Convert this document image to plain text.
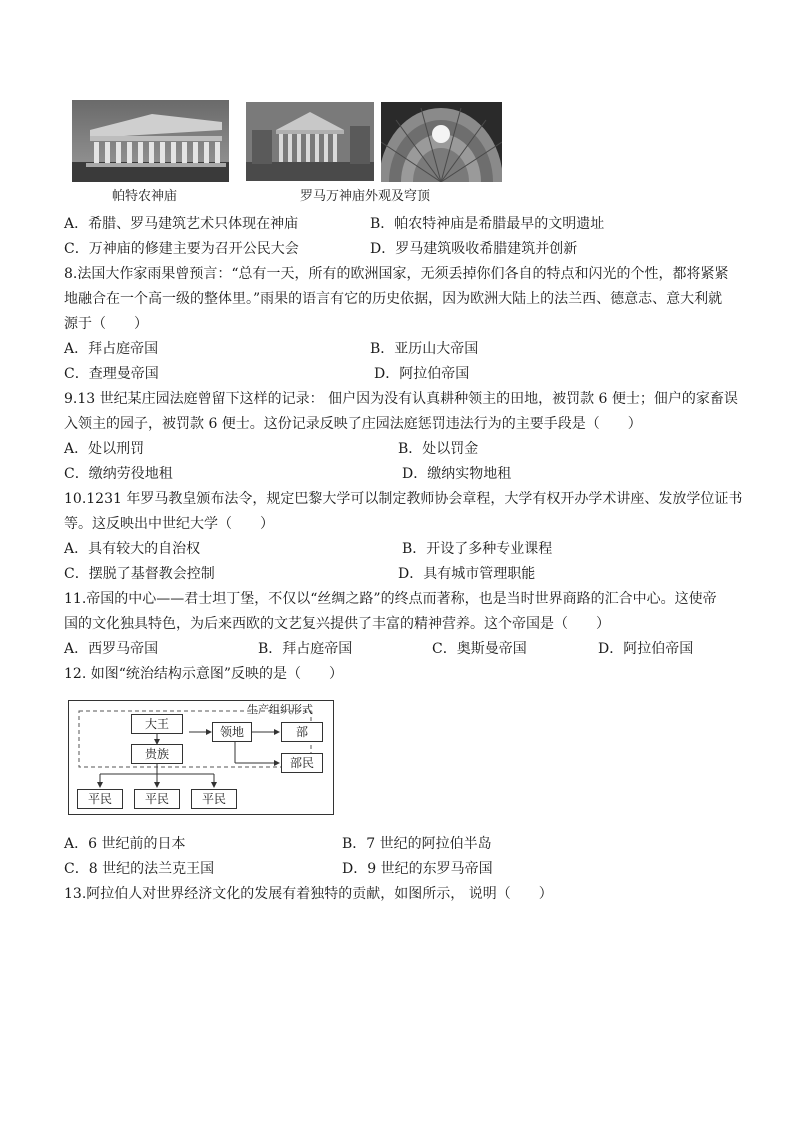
帕特农神庙	罗马万神庙外观及穹顶
A．希腊、罗马建筑艺术只体现在神庙	B．帕农特神庙是希腊最早的文明遗址
C．万神庙的修建主要为召开公民大会	D．罗马建筑吸收希腊建筑并创新
8.法国大作家雨果曾预言：“总有一天，所有的欧洲国家，无须丢掉你们各自的特点和闪光的个性，都将紧紧
地融合在一个高一级的整体里。”雨果的语言有它的历史依据，因为欧洲大陆上的法兰西、德意志、意大利就
源于（　　）
A．拜占庭帝国	B．亚历山大帝国
C．查理曼帝国	D．阿拉伯帝国
9.13 世纪某庄园法庭曾留下这样的记录： 佃户因为没有认真耕种领主的田地，被罚款 6 便士；佃户的家畜误
入领主的园子，被罚款 6 便士。这份记录反映了庄园法庭惩罚违法行为的主要手段是（　　）
A．处以刑罚	B．处以罚金
C．缴纳劳役地租	D．缴纳实物地租
10.1231 年罗马教皇颁布法令，规定巴黎大学可以制定教师协会章程，大学有权开办学术讲座、发放学位证书
等。这反映出中世纪大学（　　）
A．具有较大的自治权	B．开设了多种专业课程
C．摆脱了基督教会控制	D．具有城市管理职能
11.帝国的中心——君士坦丁堡，不仅以“丝绸之路”的终点而著称，也是当时世界商路的汇合中心。这使帝
国的文化独具特色，为后来西欧的文艺复兴提供了丰富的精神营养。这个帝国是（　　）
A．西罗马帝国	B．拜占庭帝国	C．奥斯曼帝国	D．阿拉伯帝国
12. 如图“统治结构示意图”反映的是（　　）
生产组织形式
大王
贵族
领地	部
部民
平民	平民	平民
A．6 世纪前的日本	B．7 世纪的阿拉伯半岛
C．8 世纪的法兰克王国	D．9 世纪的东罗马帝国
13.阿拉伯人对世界经济文化的发展有着独特的贡献，如图所示， 说明（　　）
